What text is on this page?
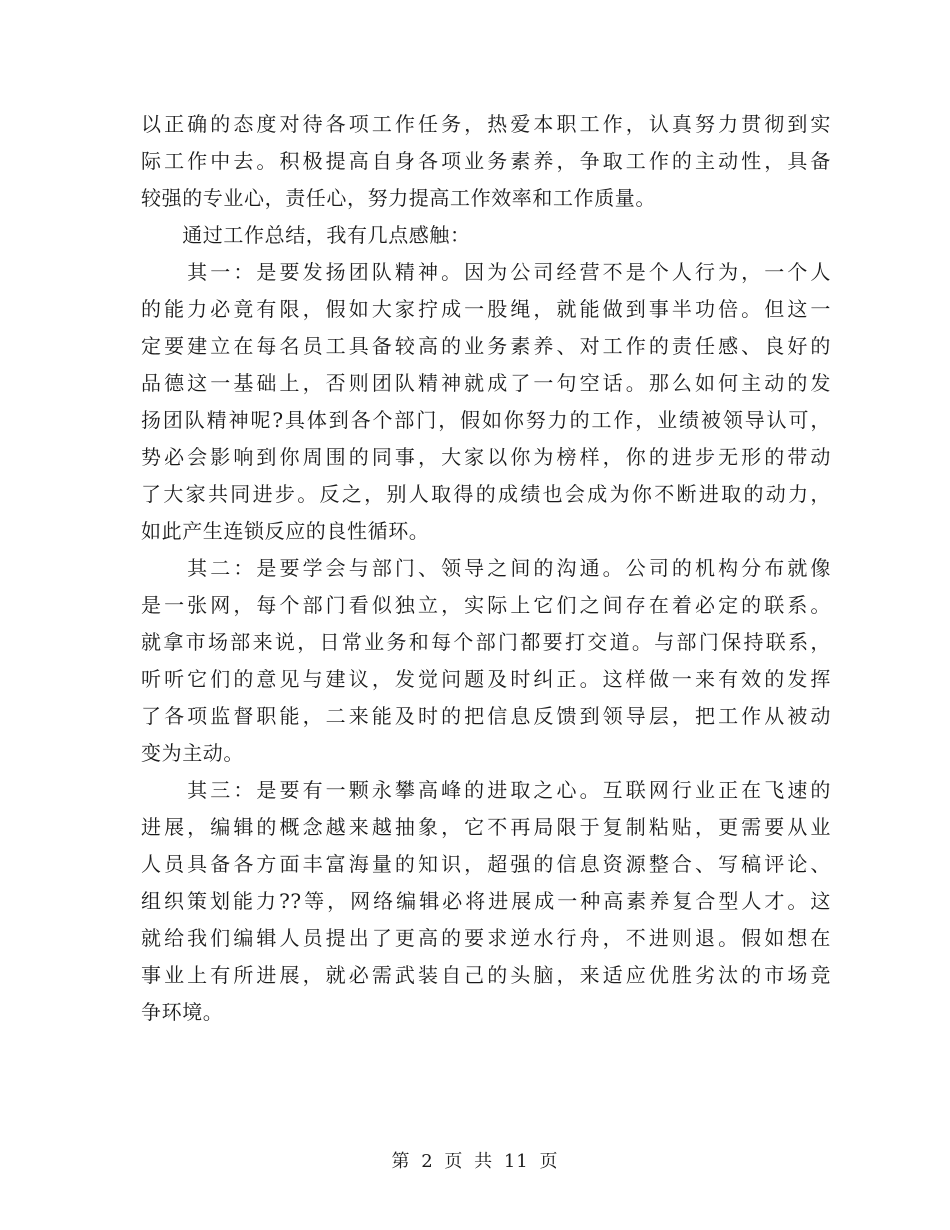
以正确的态度对待各项工作任务，热爱本职工作，认真努力贯彻到实
际工作中去。积极提高自身各项业务素养，争取工作的主动性，具备
较强的专业心，责任心，努力提高工作效率和工作质量。
　　通过工作总结，我有几点感触：
　　其一：是要发扬团队精神。因为公司经营不是个人行为，一个人
的能力必竟有限，假如大家拧成一股绳，就能做到事半功倍。但这一
定要建立在每名员工具备较高的业务素养、对工作的责任感、良好的
品德这一基础上，否则团队精神就成了一句空话。那么如何主动的发
扬团队精神呢?具体到各个部门，假如你努力的工作，业绩被领导认可，
势必会影响到你周围的同事，大家以你为榜样，你的进步无形的带动
了大家共同进步。反之，别人取得的成绩也会成为你不断进取的动力，
如此产生连锁反应的良性循环。
　　其二：是要学会与部门、领导之间的沟通。公司的机构分布就像
是一张网，每个部门看似独立，实际上它们之间存在着必定的联系。
就拿市场部来说，日常业务和每个部门都要打交道。与部门保持联系，
听听它们的意见与建议，发觉问题及时纠正。这样做一来有效的发挥
了各项监督职能，二来能及时的把信息反馈到领导层，把工作从被动
变为主动。
　　其三：是要有一颗永攀高峰的进取之心。互联网行业正在飞速的
进展，编辑的概念越来越抽象，它不再局限于复制粘贴，更需要从业
人员具备各方面丰富海量的知识，超强的信息资源整合、写稿评论、
组织策划能力??等，网络编辑必将进展成一种高素养复合型人才。这
就给我们编辑人员提出了更高的要求逆水行舟，不进则退。假如想在
事业上有所进展，就必需武装自己的头脑，来适应优胜劣汰的市场竞
争环境。
第 2 页 共 11 页
